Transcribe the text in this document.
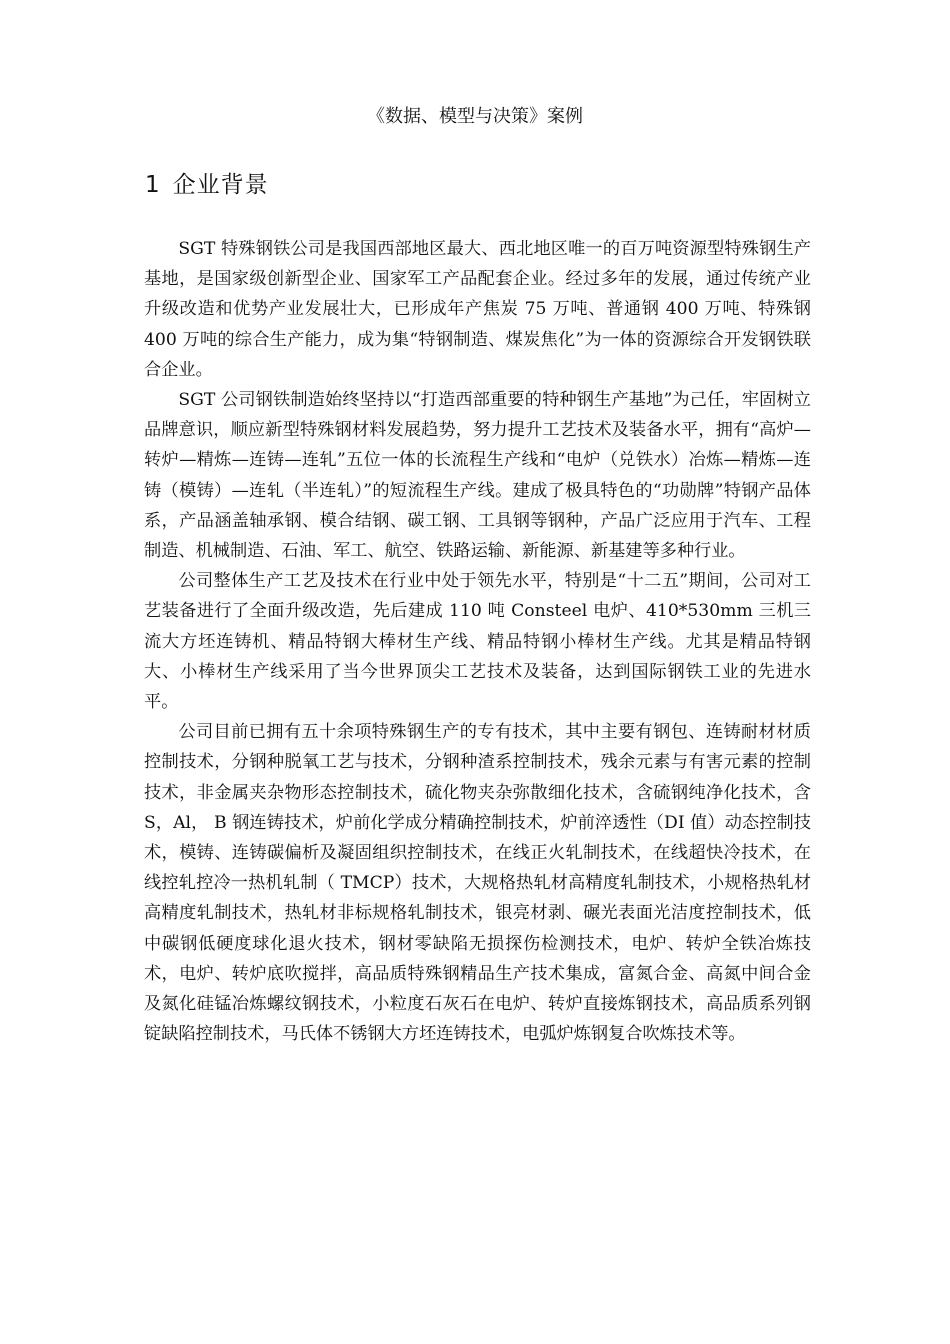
《数据、模型与决策》案例
1 企业背景

SGT 特殊钢铁公司是我国西部地区最大、西北地区唯一的百万吨资源型特殊钢生产基地，是国家级创新型企业、国家军工产品配套企业。经过多年的发展，通过传统产业升级改造和优势产业发展壮大，已形成年产焦炭 75 万吨、普通钢 400 万吨、特殊钢 400 万吨的综合生产能力，成为集“特钢制造、煤炭焦化”为一体的资源综合开发钢铁联合企业。

SGT 公司钢铁制造始终坚持以“打造西部重要的特种钢生产基地”为己任，牢固树立品牌意识，顺应新型特殊钢材料发展趋势，努力提升工艺技术及装备水平，拥有“高炉—转炉—精炼—连铸—连轧”五位一体的长流程生产线和“电炉（兑铁水）冶炼—精炼—连铸（模铸）—连轧（半连轧）”的短流程生产线。建成了极具特色的“功勋牌”特钢产品体系，产品涵盖轴承钢、模合结钢、碳工钢、工具钢等钢种，产品广泛应用于汽车、工程制造、机械制造、石油、军工、航空、铁路运输、新能源、新基建等多种行业。

公司整体生产工艺及技术在行业中处于领先水平，特别是“十二五”期间，公司对工艺装备进行了全面升级改造，先后建成 110 吨 Consteel 电炉、410*530mm 三机三流大方坯连铸机、精品特钢大棒材生产线、精品特钢小棒材生产线。尤其是精品特钢大、小棒材生产线采用了当今世界顶尖工艺技术及装备，达到国际钢铁工业的先进水平。

公司目前已拥有五十余项特殊钢生产的专有技术，其中主要有钢包、连铸耐材材质控制技术，分钢种脱氧工艺与技术，分钢种渣系控制技术，残余元素与有害元素的控制技术，非金属夹杂物形态控制技术，硫化物夹杂弥散细化技术，含硫钢纯净化技术，含 S，Al， B 钢连铸技术，炉前化学成分精确控制技术，炉前淬透性（DI 值）动态控制技术，模铸、连铸碳偏析及凝固组织控制技术，在线正火轧制技术，在线超快冷技术，在线控轧控冷一热机轧制（ TMCP）技术，大规格热轧材高精度轧制技术，小规格热轧材高精度轧制技术，热轧材非标规格轧制技术，银亮材剥、碾光表面光洁度控制技术，低中碳钢低硬度球化退火技术，钢材零缺陷无损探伤检测技术，电炉、转炉全铁冶炼技术，电炉、转炉底吹搅拌，高品质特殊钢精品生产技术集成，富氮合金、高氮中间合金及氮化硅锰冶炼螺纹钢技术，小粒度石灰石在电炉、转炉直接炼钢技术，高品质系列钢锭缺陷控制技术，马氏体不锈钢大方坯连铸技术，电弧炉炼钢复合吹炼技术等。
